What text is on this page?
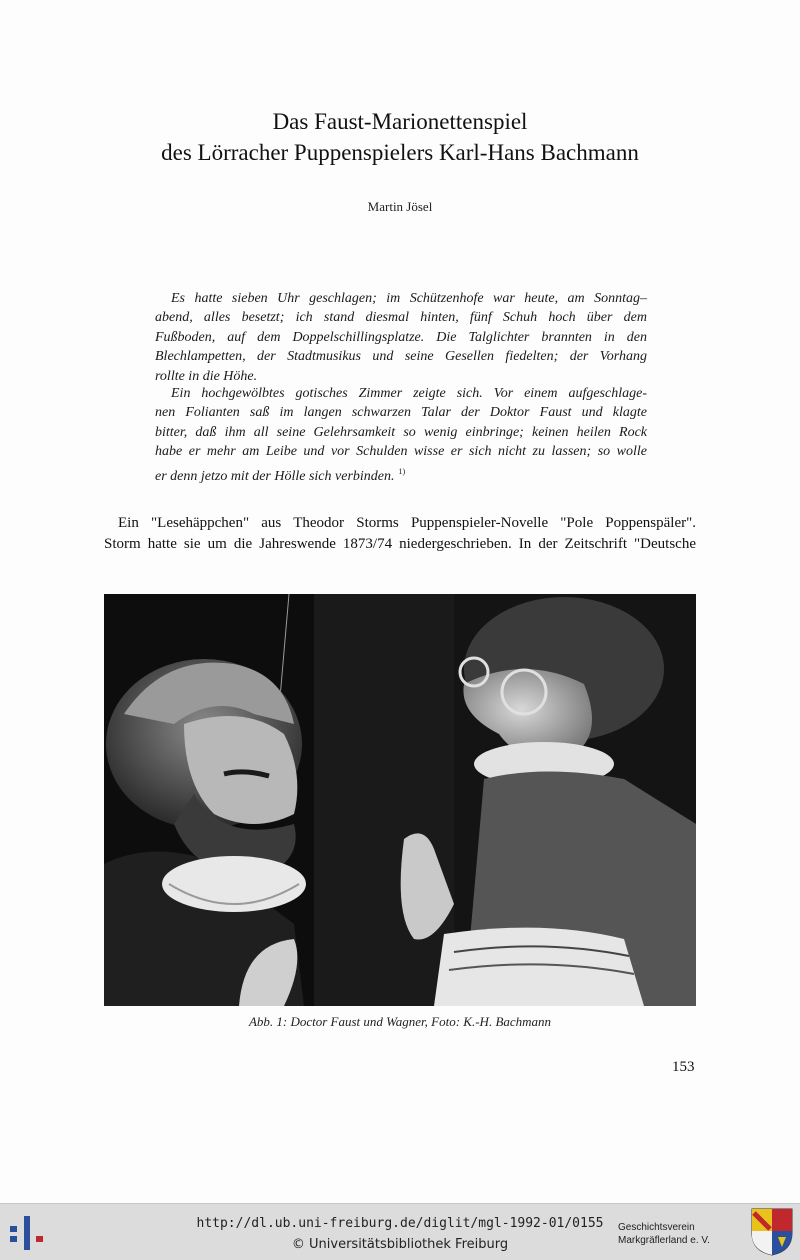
Das Faust-Marionettenspiel
des Lörracher Puppenspielers Karl-Hans Bachmann
Martin Jösel
Es hatte sieben Uhr geschlagen; im Schützenhofe war heute, am Sonntag–
abend, alles besetzt; ich stand diesmal hinten, fünf Schuh hoch über dem
Fußboden, auf dem Doppelschillingsplatze. Die Talglichter brannten in den
Blechlampetten, der Stadtmusikus und seine Gesellen fiedelten; der Vorhang
rollte in die Höhe.
Ein hochgewölbtes gotisches Zimmer zeigte sich. Vor einem aufgeschlage-
nen Folianten saß im langen schwarzen Talar der Doktor Faust und klagte
bitter, daß ihm all seine Gelehrsamkeit so wenig einbringe; keinen heilen Rock
habe er mehr am Leibe und vor Schulden wisse er sich nicht zu lassen; so wolle
er denn jetzo mit der Hölle sich verbinden. $^{1)}$
Ein "Lesehäppchen" aus Theodor Storms Puppenspieler-Novelle "Pole Poppenspäler".
Storm hatte sie um die Jahreswende 1873/74 niedergeschrieben. In der Zeitschrift "Deutsche
Abb. 1: Doctor Faust und Wagner, Foto: K.-H. Bachmann
153
http://dl.ub.uni-freiburg.de/diglit/mgl-1992-01/0155
© Universitätsbibliothek Freiburg
Geschichtsverein
Markgräflerland e. V.
